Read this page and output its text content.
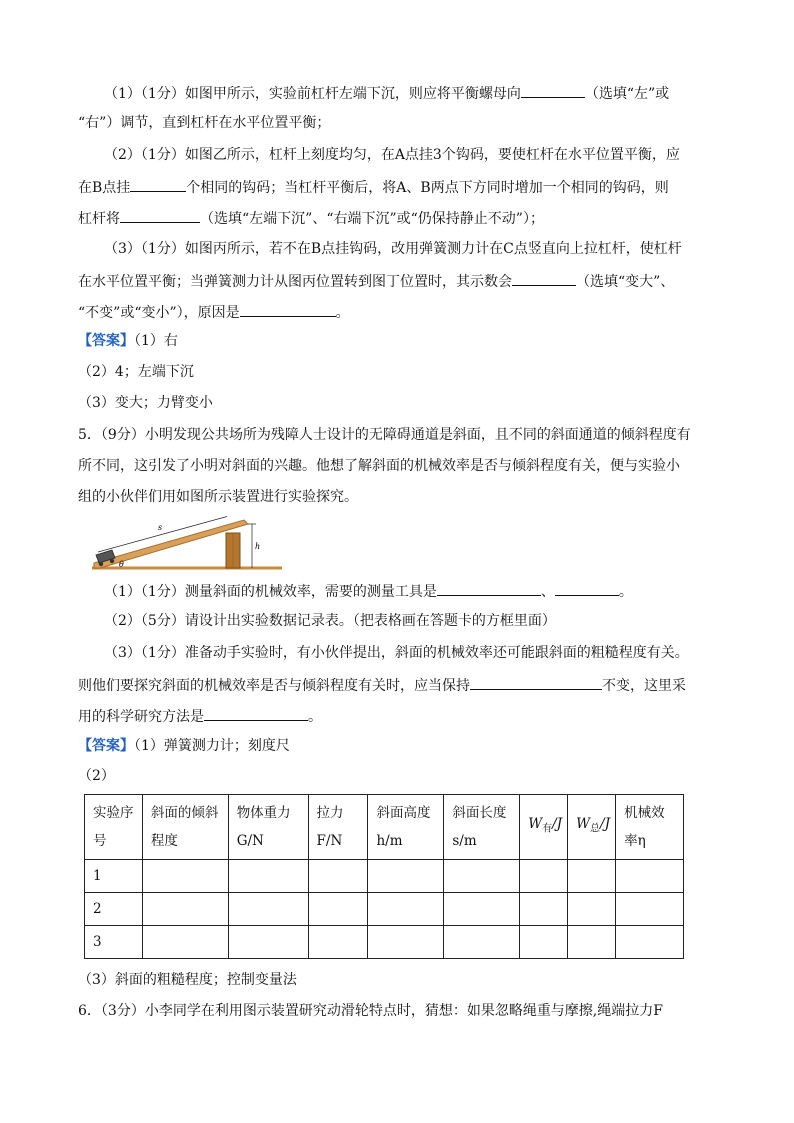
（1）（1分）如图甲所示，实验前杠杆左端下沉，则应将平衡螺母向	（选填“左”或
“右”）调节，直到杠杆在水平位置平衡；
（2）（1分）如图乙所示，杠杆上刻度均匀，在A点挂3个钩码，要使杠杆在水平位置平衡，应
在B点挂	个相同的钩码；当杠杆平衡后，将A、B两点下方同时增加一个相同的钩码，则
杠杆将	（选填“左端下沉”、“右端下沉”或“仍保持静止不动”）；
（3）（1分）如图丙所示，若不在B点挂钩码，改用弹簧测力计在C点竖直向上拉杠杆，使杠杆
在水平位置平衡；当弹簧测力计从图丙位置转到图丁位置时，其示数会	（选填“变大”、
“不变”或“变小”），原因是	。
【答案】（1）右
（2）4；左端下沉
（3）变大；力臂变小
5．（9分）小明发现公共场所为残障人士设计的无障碍通道是斜面，且不同的斜面通道的倾斜程度有
所不同，这引发了小明对斜面的兴趣。他想了解斜面的机械效率是否与倾斜程度有关，便与实验小
组的小伙伴们用如图所示装置进行实验探究。
s
h
θ
（1）（1分）测量斜面的机械效率，需要的测量工具是	、	。
（2）（5分）请设计出实验数据记录表。（把表格画在答题卡的方框里面）
（3）（1分）准备动手实验时，有小伙伴提出，斜面的机械效率还可能跟斜面的粗糙程度有关。
则他们要探究斜面的机械效率是否与倾斜程度有关时，应当保持	不变，这里采
用的科学研究方法是	。
【答案】（1）弹簧测力计；刻度尺
（2）
实验序
号	斜面的倾斜
程度	物体重力
G/N	拉力
F/N	斜面高度
h/m	斜面长度
s/m	$W_有/J$	$W_总/J$	机械效
率η
1								
2								
3								
（3）斜面的粗糙程度；控制变量法
6．（3分）小李同学在利用图示装置研究动滑轮特点时，猜想：如果忽略绳重与摩擦,绳端拉力F
